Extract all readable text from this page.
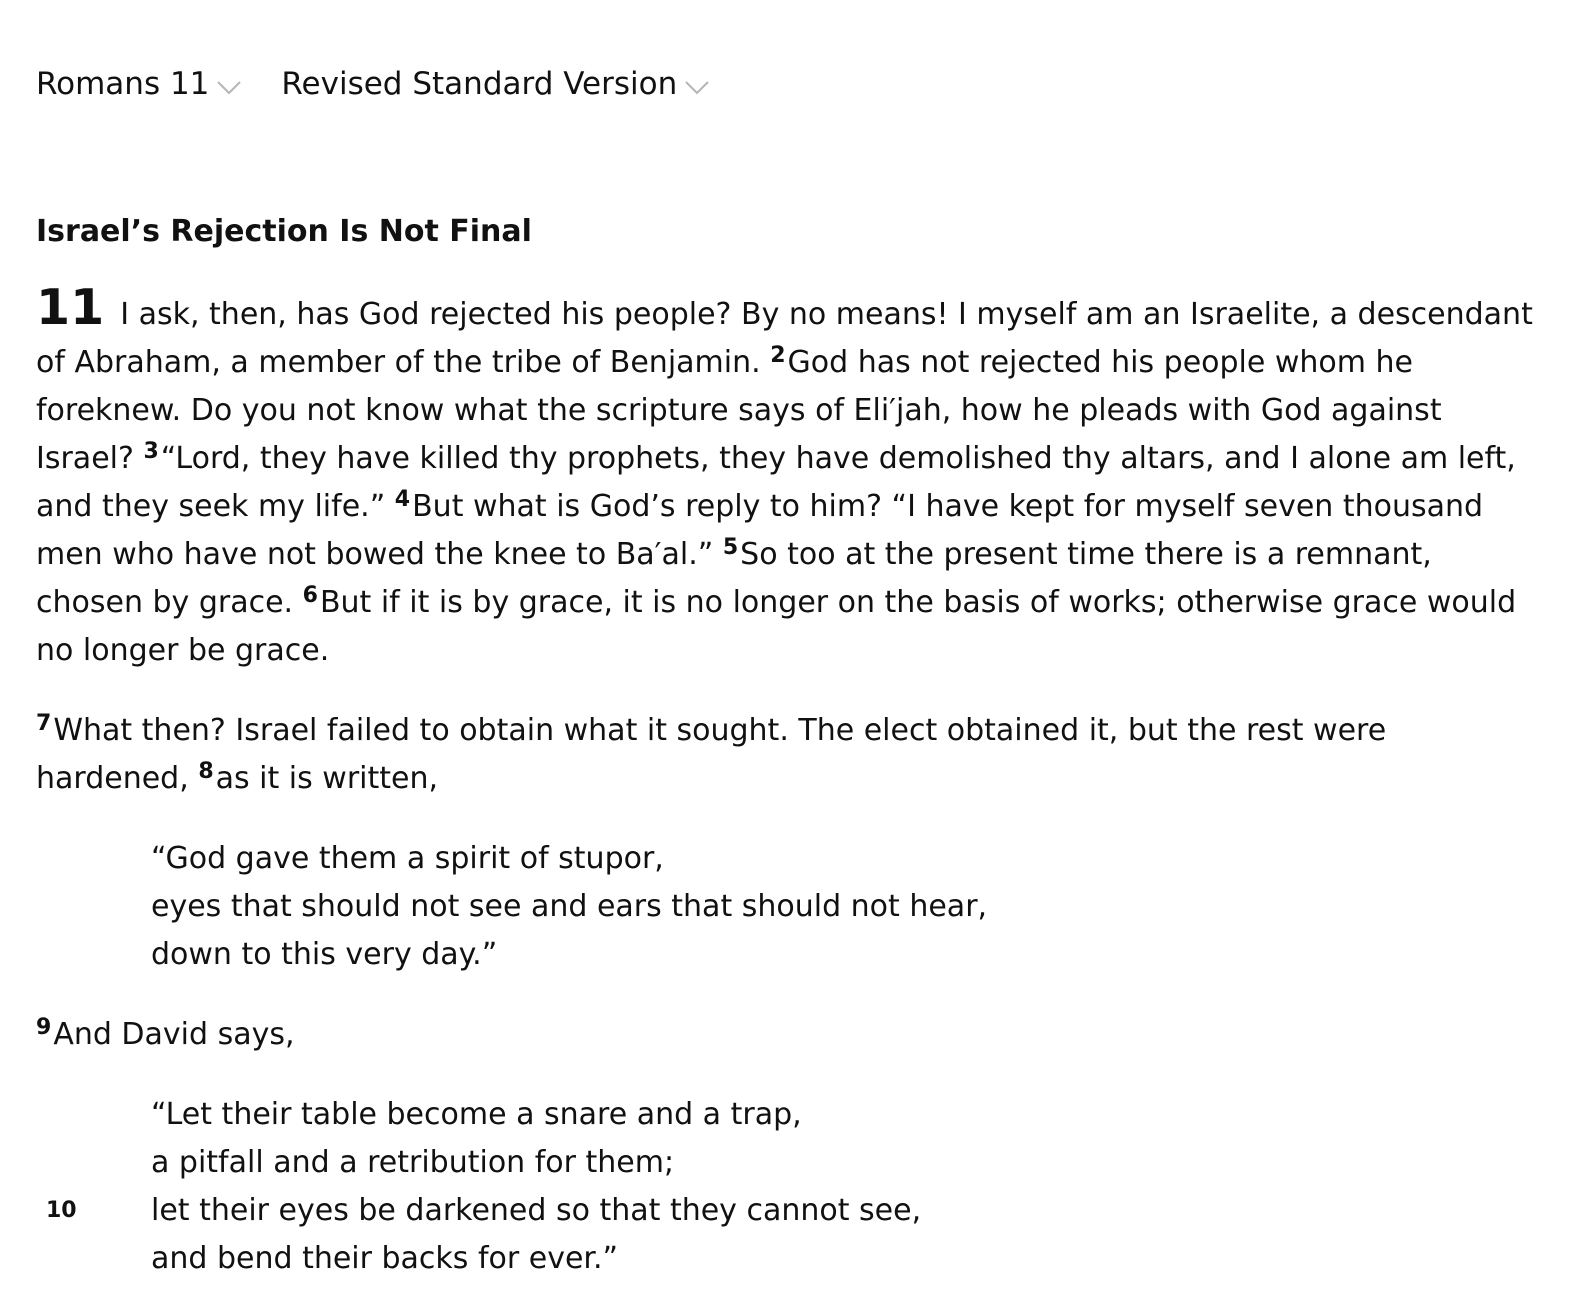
Romans 11 Revised Standard Version
Israel’s Rejection Is Not Final

11 I ask, then, has God rejected his people? By no means! I myself am an Israelite, a descendant of Abraham, a member of the tribe of Benjamin. $^2$God has not rejected his people whom he foreknew. Do you not know what the scripture says of Eli′jah, how he pleads with God against Israel? $^3$“Lord, they have killed thy prophets, they have demolished thy altars, and I alone am left, and they seek my life.” $^4$But what is God’s reply to him? “I have kept for myself seven thousand men who have not bowed the knee to Ba′al.” $^5$So too at the present time there is a remnant, chosen by grace. $^6$But if it is by grace, it is no longer on the basis of works; otherwise grace would no longer be grace.

$^7$What then? Israel failed to obtain what it sought. The elect obtained it, but the rest were hardened, $^8$as it is written,

“God gave them a spirit of stupor,
eyes that should not see and ears that should not hear,
down to this very day.”

$^9$And David says,

“Let their table become a snare and a trap,
a pitfall and a retribution for them;
10 let their eyes be darkened so that they cannot see,
and bend their backs for ever.”
